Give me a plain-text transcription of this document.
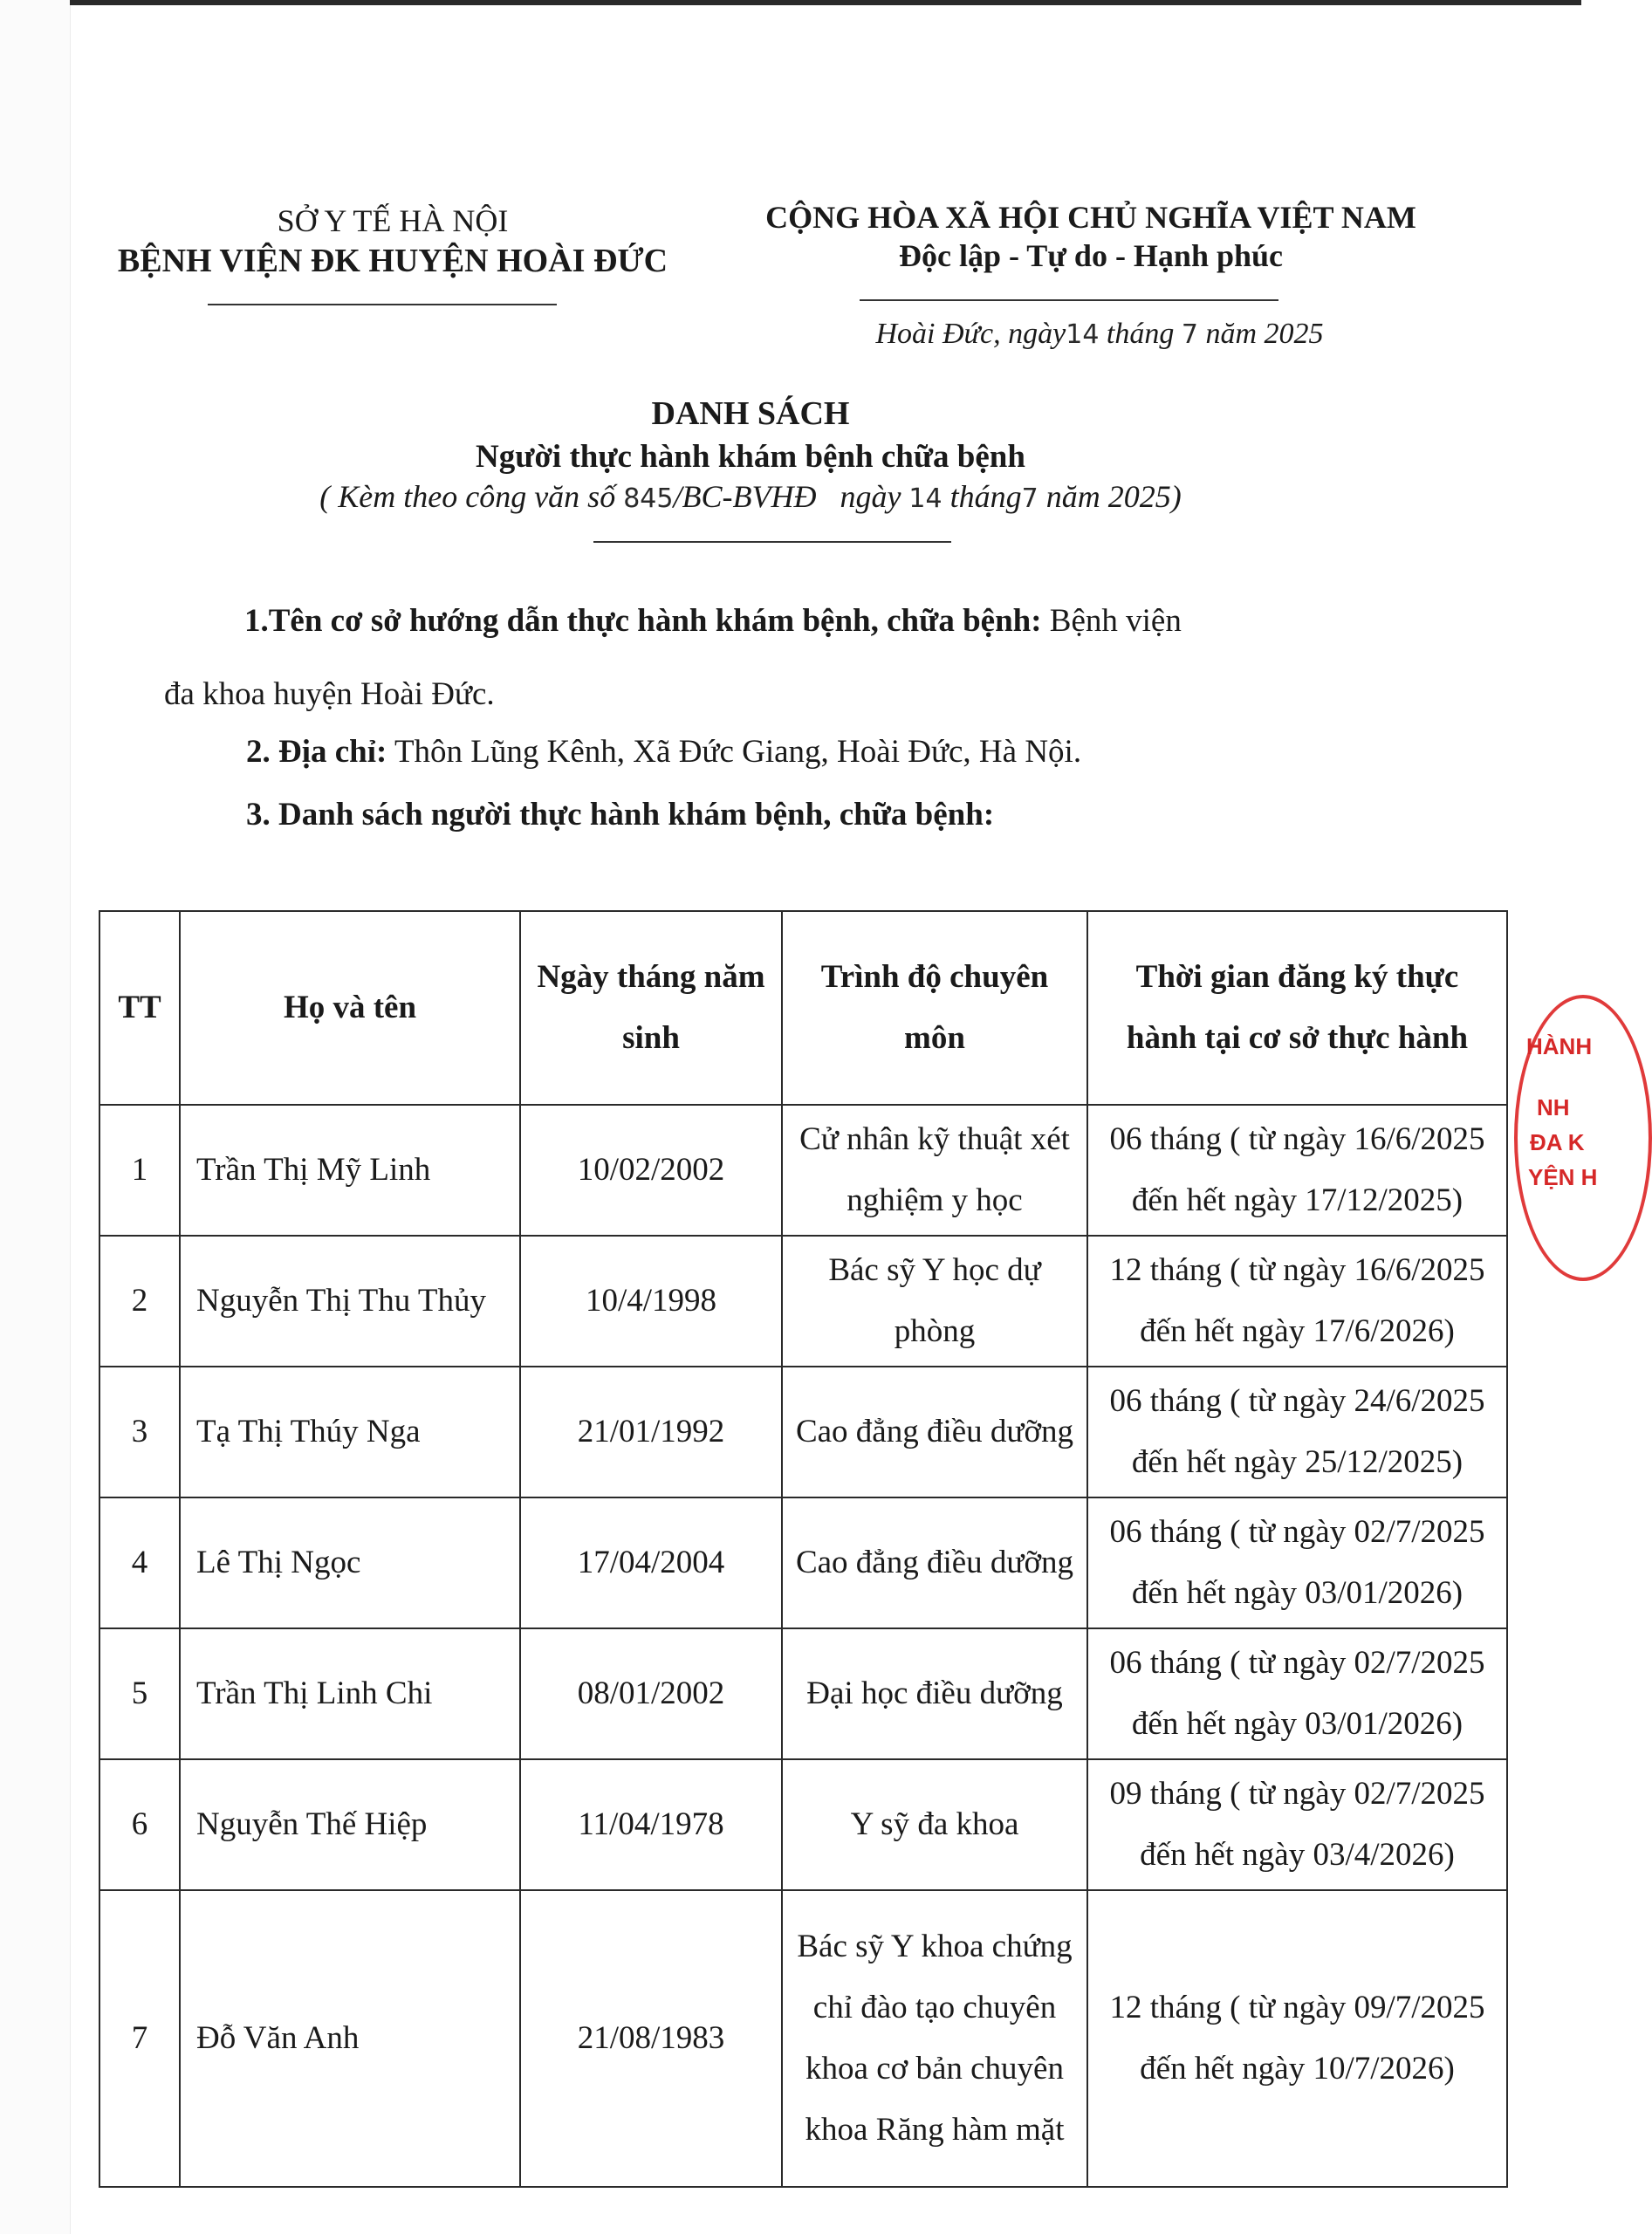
SỞ Y TẾ HÀ NỘI
BỆNH VIỆN ĐK HUYỆN HOÀI ĐỨC
CỘNG HÒA XÃ HỘI CHỦ NGHĨA VIỆT NAM
Độc lập - Tự do - Hạnh phúc
Hoài Đức, ngày14 tháng 7 năm 2025
DANH SÁCH
Người thực hành khám bệnh chữa bệnh
( Kèm theo công văn số 845/BC-BVHĐ ngày 14 tháng7 năm 2025)
1.Tên cơ sở hướng dẫn thực hành khám bệnh, chữa bệnh: Bệnh viện
đa khoa huyện Hoài Đức.
2. Địa chỉ: Thôn Lũng Kênh, Xã Đức Giang, Hoài Đức, Hà Nội.
3. Danh sách người thực hành khám bệnh, chữa bệnh:
TT	Họ và tên	Ngày tháng năm sinh	Trình độ chuyên môn	Thời gian đăng ký thực hành tại cơ sở thực hành
1	Trần Thị Mỹ Linh	10/02/2002	Cử nhân kỹ thuật xét nghiệm y học	06 tháng ( từ ngày 16/6/2025 đến hết ngày 17/12/2025)
2	Nguyễn Thị Thu Thủy	10/4/1998	Bác sỹ Y học dự phòng	12 tháng ( từ ngày 16/6/2025 đến hết ngày 17/6/2026)
3	Tạ Thị Thúy Nga	21/01/1992	Cao đẳng điều dưỡng	06 tháng ( từ ngày 24/6/2025 đến hết ngày 25/12/2025)
4	Lê Thị Ngọc	17/04/2004	Cao đẳng điều dưỡng	06 tháng ( từ ngày 02/7/2025 đến hết ngày 03/01/2026)
5	Trần Thị Linh Chi	08/01/2002	Đại học điều dưỡng	06 tháng ( từ ngày 02/7/2025 đến hết ngày 03/01/2026)
6	Nguyễn Thế Hiệp	11/04/1978	Y sỹ đa khoa	09 tháng ( từ ngày 02/7/2025 đến hết ngày 03/4/2026)
7	Đỗ Văn Anh	21/08/1983	Bác sỹ Y khoa chứng chỉ đào tạo chuyên khoa cơ bản chuyên khoa Răng hàm mặt	12 tháng ( từ ngày 09/7/2025 đến hết ngày 10/7/2026)
HÀNH
NH
ĐA K
YỆN H
